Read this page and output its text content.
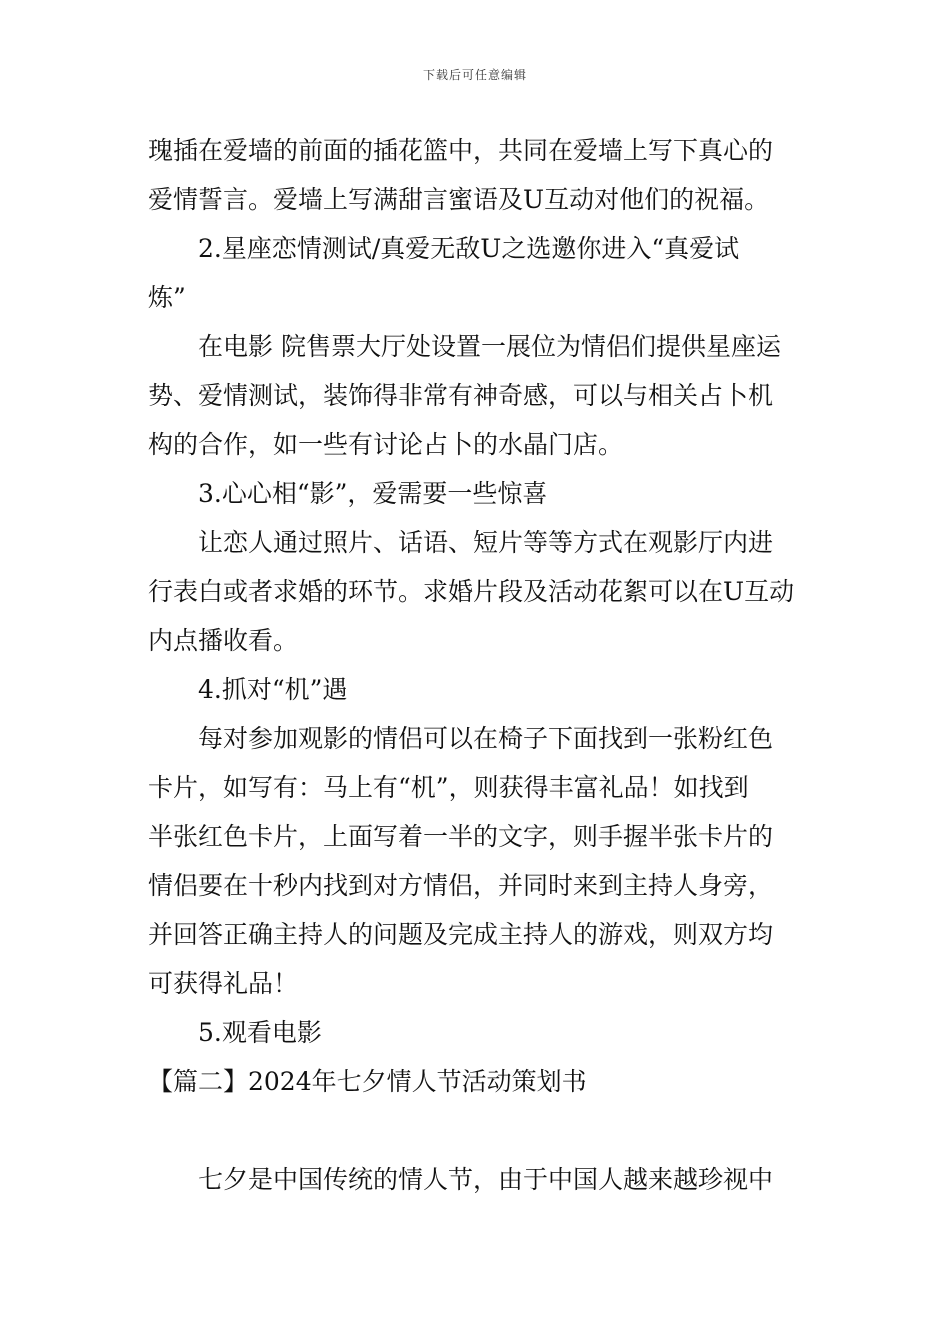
下载后可任意编辑
瑰插在爱墙的前面的插花篮中，共同在爱墙上写下真心的
爱情誓言。爱墙上写满甜言蜜语及U互动对他们的祝福。
2.星座恋情测试/真爱无敌U之选邀你进入“真爱试
炼”
在电影 院售票大厅处设置一展位为情侣们提供星座运
势、爱情测试，装饰得非常有神奇感，可以与相关占卜机
构的合作，如一些有讨论占卜的水晶门店。
3.心心相“影”，爱需要一些惊喜
让恋人通过照片、话语、短片等等方式在观影厅内进
行表白或者求婚的环节。求婚片段及活动花絮可以在U互动
内点播收看。
4.抓对“机”遇
每对参加观影的情侣可以在椅子下面找到一张粉红色
卡片，如写有：马上有“机”，则获得丰富礼品！如找到
半张红色卡片，上面写着一半的文字，则手握半张卡片的
情侣要在十秒内找到对方情侣，并同时来到主持人身旁，
并回答正确主持人的问题及完成主持人的游戏，则双方均
可获得礼品！
5.观看电影
【篇二】2024年七夕情人节活动策划书
七夕是中国传统的情人节，由于中国人越来越珍视中
